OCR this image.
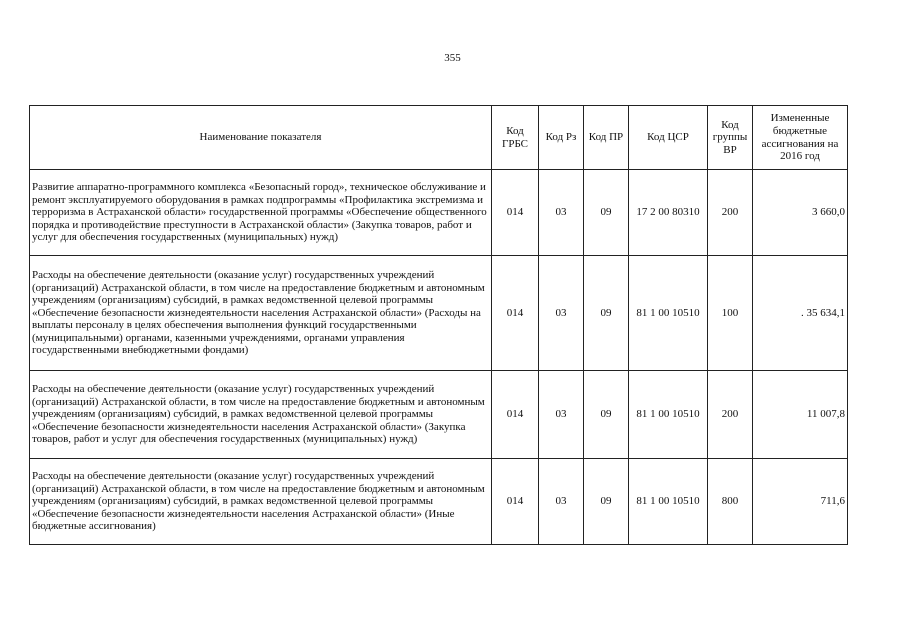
355
Наименование показателя	Код ГРБС	Код Рз	Код ПР	Код ЦСР	Код группы ВР	Измененные бюджетные ассигнования на 2016 год
Развитие аппаратно-программного комплекса «Безопасный город», техническое обслуживание и ремонт эксплуатируемого оборудования в рамках подпрограммы «Профилактика экстремизма и терроризма в Астраханской области» государственной программы «Обеспечение общественного порядка и противодействие преступности в Астраханской области» (Закупка товаров, работ и услуг для обеспечения государственных (муниципальных) нужд)	014	03	09	17 2 00 80310	200	3 660,0
Расходы на обеспечение деятельности (оказание услуг) государственных учреждений (организаций) Астраханской области, в том числе на предоставление бюджетным и автономным учреждениям (организациям) субсидий, в рамках ведомственной целевой программы «Обеспечение безопасности жизнедеятельности населения Астраханской области» (Расходы на выплаты персоналу в целях обеспечения выполнения функций государственными (муниципальными) органами, казенными учреждениями, органами управления государственными внебюджетными фондами)	014	03	09	81 1 00 10510	100	. 35 634,1
Расходы на обеспечение деятельности (оказание услуг) государственных учреждений (организаций) Астраханской области, в том числе на предоставление бюджетным и автономным учреждениям (организациям) субсидий, в рамках ведомственной целевой программы «Обеспечение безопасности жизнедеятельности населения Астраханской области» (Закупка товаров, работ и услуг для обеспечения государственных (муниципальных) нужд)	014	03	09	81 1 00 10510	200	11 007,8
Расходы на обеспечение деятельности (оказание услуг) государственных учреждений (организаций) Астраханской области, в том числе на предоставление бюджетным и автономным учреждениям (организациям) субсидий, в рамках ведомственной целевой программы «Обеспечение безопасности жизнедеятельности населения Астраханской области» (Иные бюджетные ассигнования)	014	03	09	81 1 00 10510	800	711,6
